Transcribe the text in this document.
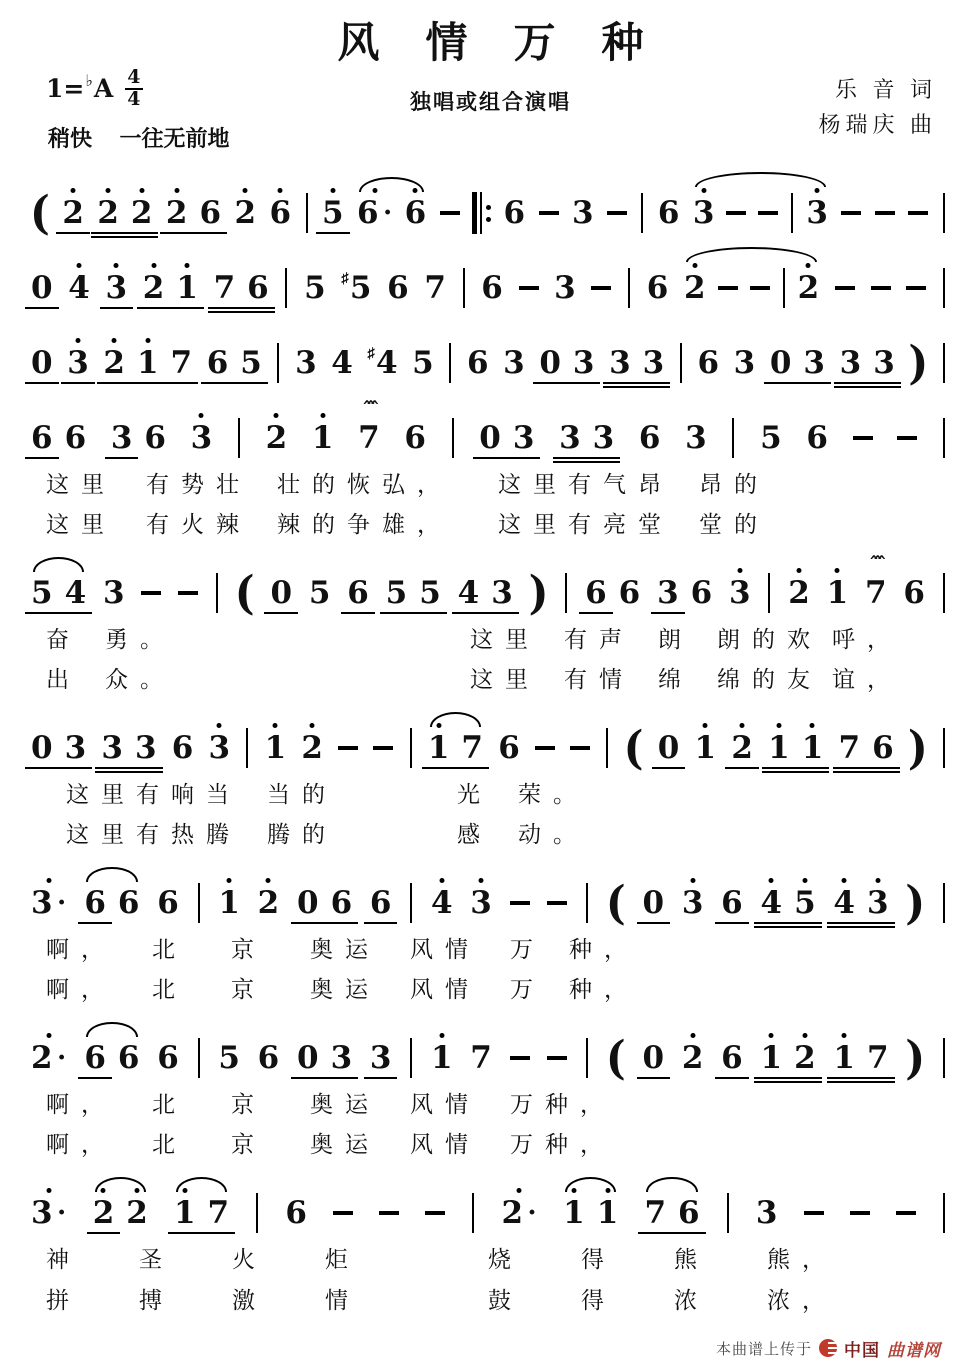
风情万种
1= ♭ A 4
4	独唱或组合演唱	乐 音 词
杨瑞庆 曲
稍快 一往无前地
( 2 2 2 2 6 2 6 5 6 · 6 6 3 6 3	3
0 4 3 2 1 7 6 5 ♯ 5 6 7 6 3 6 2	2
0 3 2 1 7 6 5 3 4 ♯ 4 5 6 3 0 3 3 3 6 3 0 3 3 3 )
6 6 3 6 3 2 1 7
^^^
6 0 3 3 3 6 3 5 6
这里 有势壮 壮的恢弘， 这里有气昂 昂的
这里 有火辣 辣的争雄， 这里有亮堂 堂的
5 4 3	( 0 5 6 5 5 4 3 ) 6 6 3 6 3 2 1 7
^^^
6
奋 勇。	这里 有声 朗 朗的欢 呼，
出 众。	这里 有情 绵 绵的友 谊，
0 3 3 3 6 3 1 2	1 7 6 ( 0 1 2 1 1 7 6 )
这里有响当 当的	光 荣。
这里有热腾 腾的	感 动。
3 · 6 6 6 1 2 0 6 6 4 3	( 0 3 6 4 5 4 3 )
啊， 北 京 奥运 风情 万 种，
啊， 北 京 奥运 风情 万 种，
2 · 6 6 6 5 6 0 3 3 1 7	( 0 2 6 1 2 1 7 )
啊， 北 京 奥运 风情 万种，
啊， 北 京 奥运 风情 万种，
3 · 2 2 1 7 6	2 · 1 1 7 6 3
神	圣	火	炬	烧	得	熊	熊，
拼	搏	激	情	鼓	得	浓	浓，
本曲谱上传于 中国 曲谱网
